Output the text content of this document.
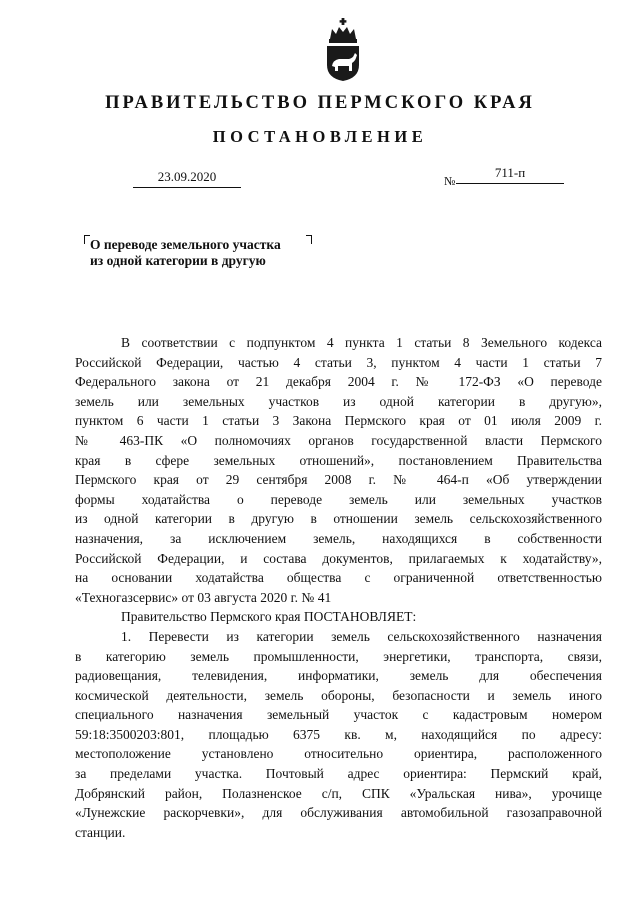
ПРАВИТЕЛЬСТВО ПЕРМСКОГО КРАЯ
ПОСТАНОВЛЕНИЕ
23.09.2020	№
711-п
О переводе земельного участка
из одной категории в другую
В соответствии с подпунктом 4 пункта 1 статьи 8 Земельного кодекса
Российской Федерации, частью 4 статьи 3, пунктом 4 части 1 статьи 7
Федерального закона от 21 декабря 2004 г. № 172-ФЗ «О переводе
земель или земельных участков из одной категории в другую»,
пунктом 6 части 1 статьи 3 Закона Пермского края от 01 июля 2009 г.
№ 463-ПК «О полномочиях органов государственной власти Пермского
края в сфере земельных отношений», постановлением Правительства
Пермского края от 29 сентября 2008 г. № 464-п «Об утверждении
формы ходатайства о переводе земель или земельных участков
из одной категории в другую в отношении земель сельскохозяйственного
назначения, за исключением земель, находящихся в собственности
Российской Федерации, и состава документов, прилагаемых к ходатайству»,
на основании ходатайства общества с ограниченной ответственностью
«Техногазсервис» от 03 августа 2020 г. № 41
Правительство Пермского края ПОСТАНОВЛЯЕТ:
1. Перевести из категории земель сельскохозяйственного назначения
в категорию земель промышленности, энергетики, транспорта, связи,
радиовещания, телевидения, информатики, земель для обеспечения
космической деятельности, земель обороны, безопасности и земель иного
специального назначения земельный участок с кадастровым номером
59:18:3500203:801, площадью 6375 кв. м, находящийся по адресу:
местоположение установлено относительно ориентира, расположенного
за пределами участка. Почтовый адрес ориентира: Пермский край,
Добрянский район, Полазненское с/п, СПК «Уральская нива», урочище
«Лунежские раскорчевки», для обслуживания автомобильной газозаправочной
станции.
